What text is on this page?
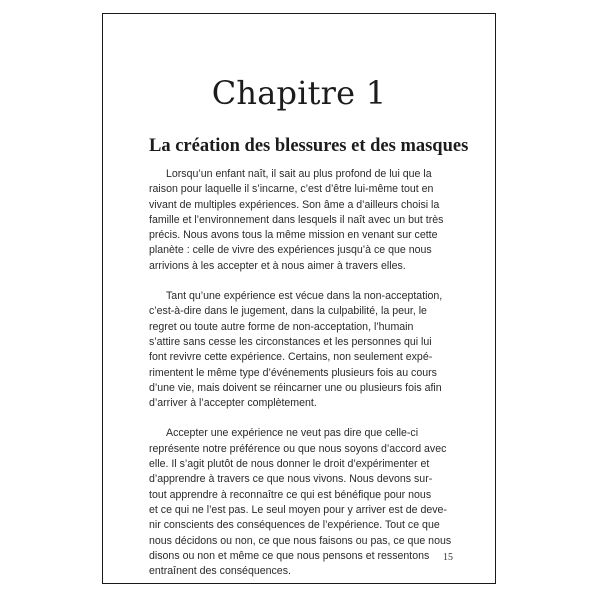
Chapitre 1
La création des blessures et des masques

Lorsqu’un enfant naît, il sait au plus profond de lui que la
raison pour laquelle il s’incarne, c’est d’être lui-même tout en
vivant de multiples expériences. Son âme a d’ailleurs choisi la
famille et l’environnement dans lesquels il naît avec un but très
précis. Nous avons tous la même mission en venant sur cette
planète : celle de vivre des expériences jusqu’à ce que nous
arrivions à les accepter et à nous aimer à travers elles.

Tant qu’une expérience est vécue dans la non-acceptation,
c’est-à-dire dans le jugement, dans la culpabilité, la peur, le
regret ou toute autre forme de non-acceptation, l’humain
s’attire sans cesse les circonstances et les personnes qui lui
font revivre cette expérience. Certains, non seulement expé-
rimentent le même type d’événements plusieurs fois au cours
d’une vie, mais doivent se réincarner une ou plusieurs fois afin
d’arriver à l’accepter complètement.

Accepter une expérience ne veut pas dire que celle-ci
représente notre préférence ou que nous soyons d’accord avec
elle. Il s’agit plutôt de nous donner le droit d’expérimenter et
d’apprendre à travers ce que nous vivons. Nous devons sur-
tout apprendre à reconnaître ce qui est bénéfique pour nous
et ce qui ne l’est pas. Le seul moyen pour y arriver est de deve-
nir conscients des conséquences de l’expérience. Tout ce que
nous décidons ou non, ce que nous faisons ou pas, ce que nous
disons ou non et même ce que nous pensons et ressentons
entraînent des conséquences.

15
